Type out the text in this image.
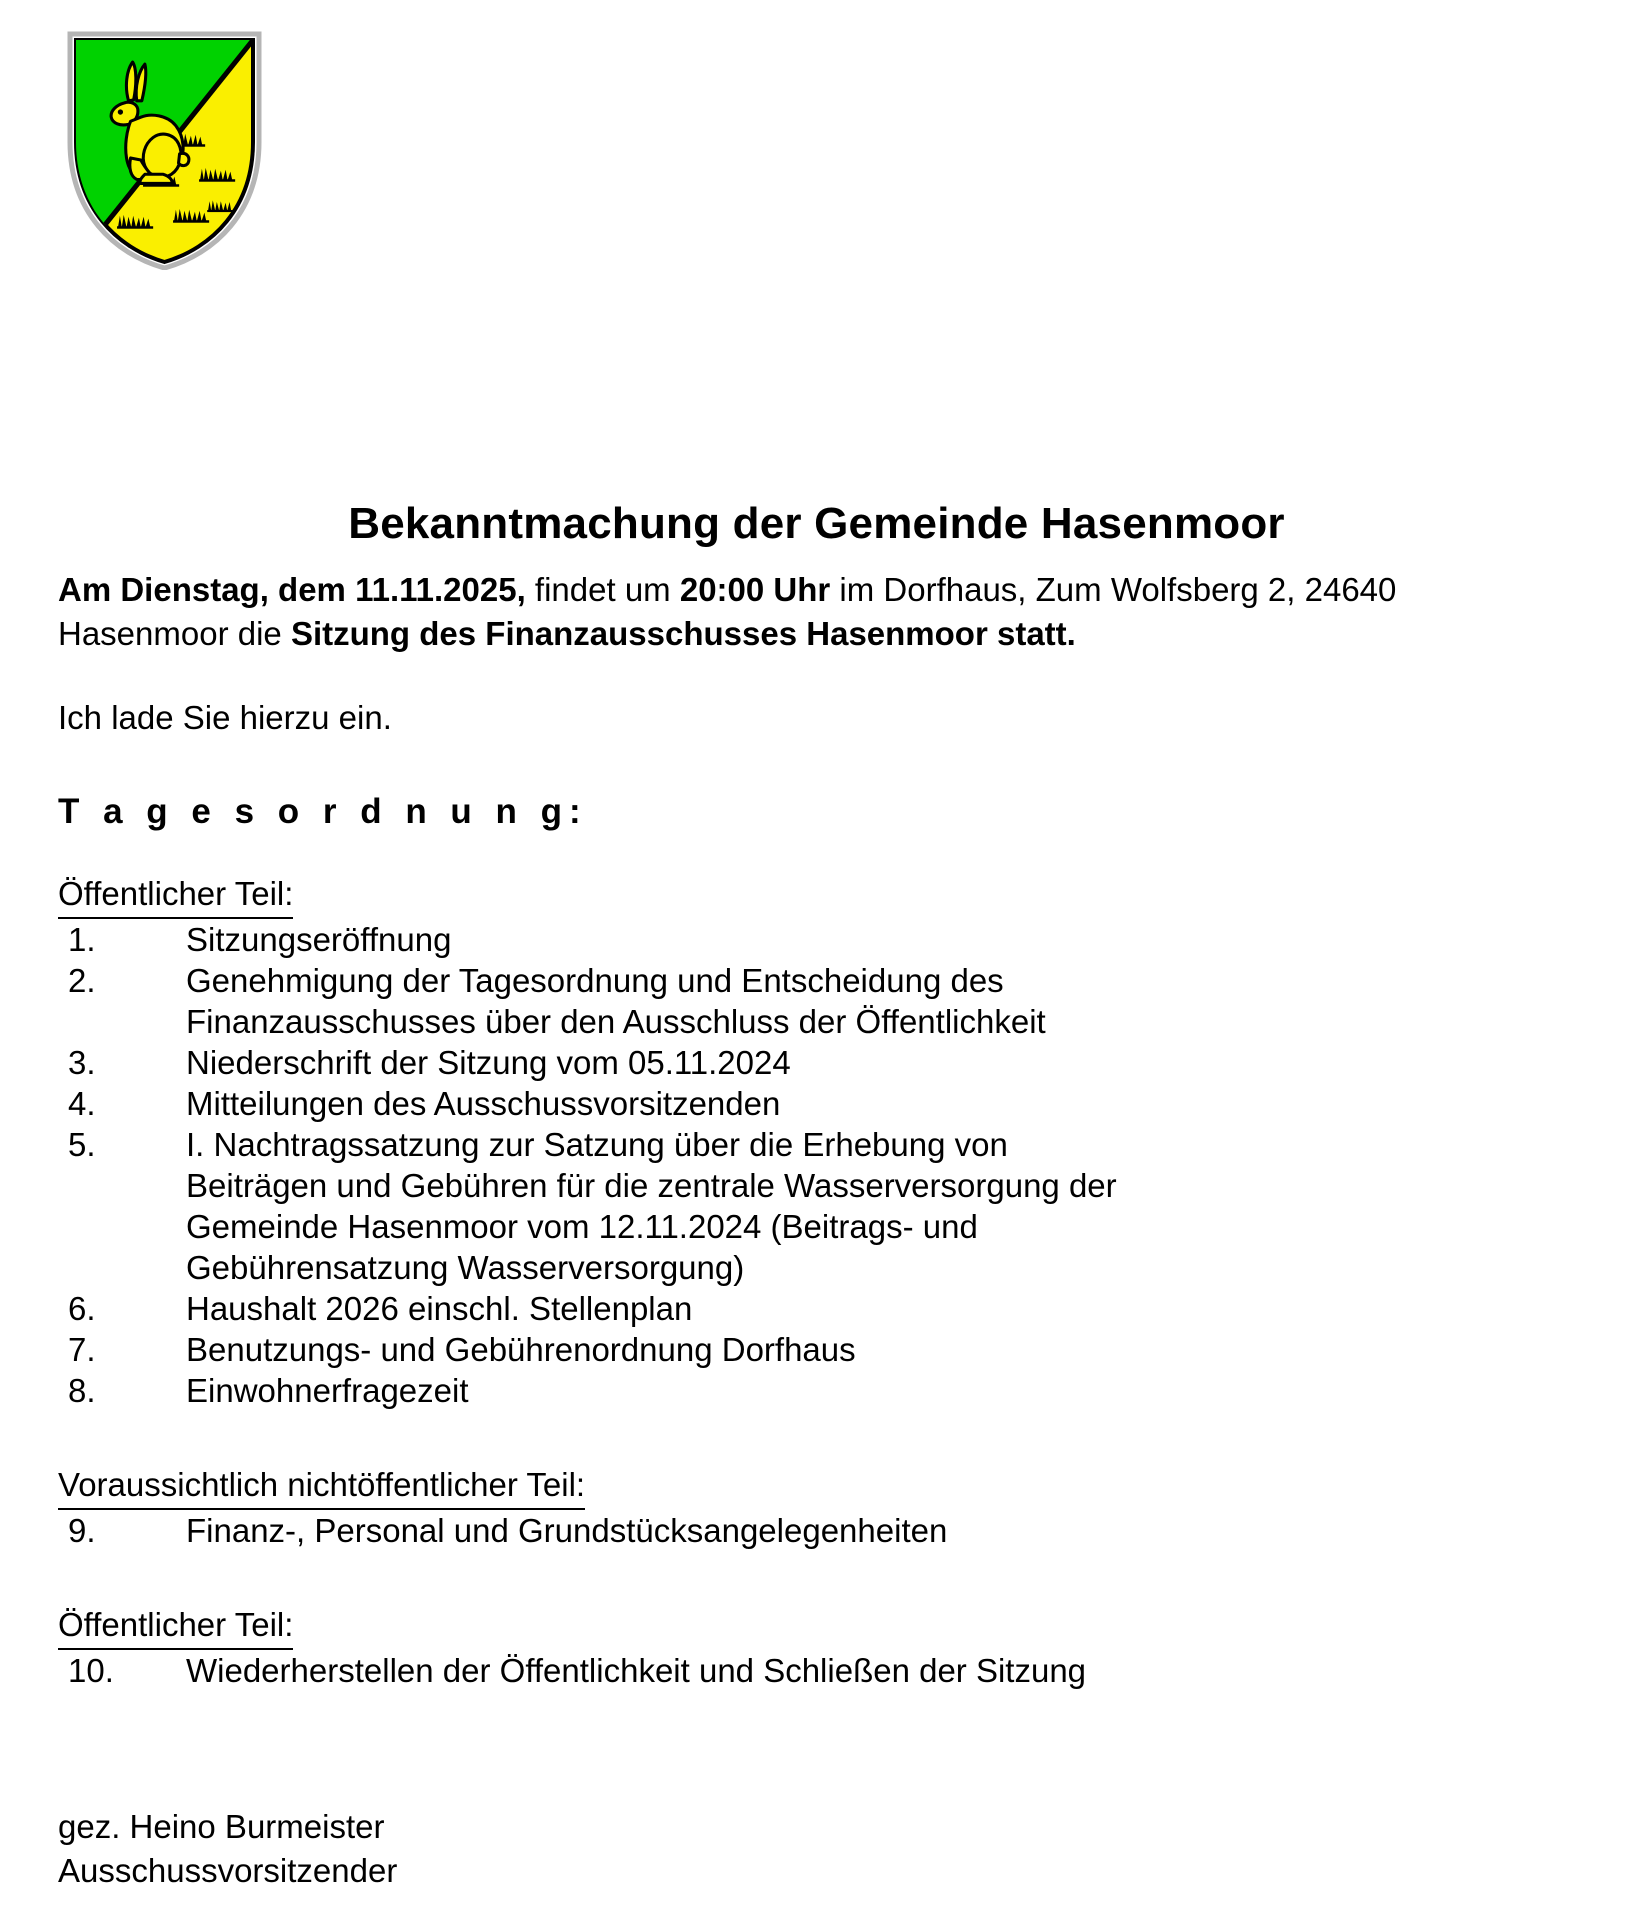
Bekanntmachung der Gemeinde Hasenmoor

Am Dienstag, dem 11.11.2025, findet um 20:00 Uhr im Dorfhaus, Zum Wolfsberg 2, 24640 Hasenmoor die Sitzung des Finanzausschusses Hasenmoor statt.

Ich lade Sie hierzu ein.

T a g e s o r d n u n g:

Öffentlicher Teil:
1.	Sitzungseröffnung
2.	Genehmigung der Tagesordnung und Entscheidung des
Finanzausschusses über den Ausschluss der Öffentlichkeit
3.	Niederschrift der Sitzung vom 05.11.2024
4.	Mitteilungen des Ausschussvorsitzenden
5.	I. Nachtragssatzung zur Satzung über die Erhebung von
Beiträgen und Gebühren für die zentrale Wasserversorgung der
Gemeinde Hasenmoor vom 12.11.2024 (Beitrags- und
Gebührensatzung Wasserversorgung)
6.	Haushalt 2026 einschl. Stellenplan
7.	Benutzungs- und Gebührenordnung Dorfhaus
8.	Einwohnerfragezeit
Voraussichtlich nichtöffentlicher Teil:
9.	Finanz-, Personal und Grundstücksangelegenheiten
Öffentlicher Teil:
10.	Wiederherstellen der Öffentlichkeit und Schließen der Sitzung
gez. Heino Burmeister
Ausschussvorsitzender
